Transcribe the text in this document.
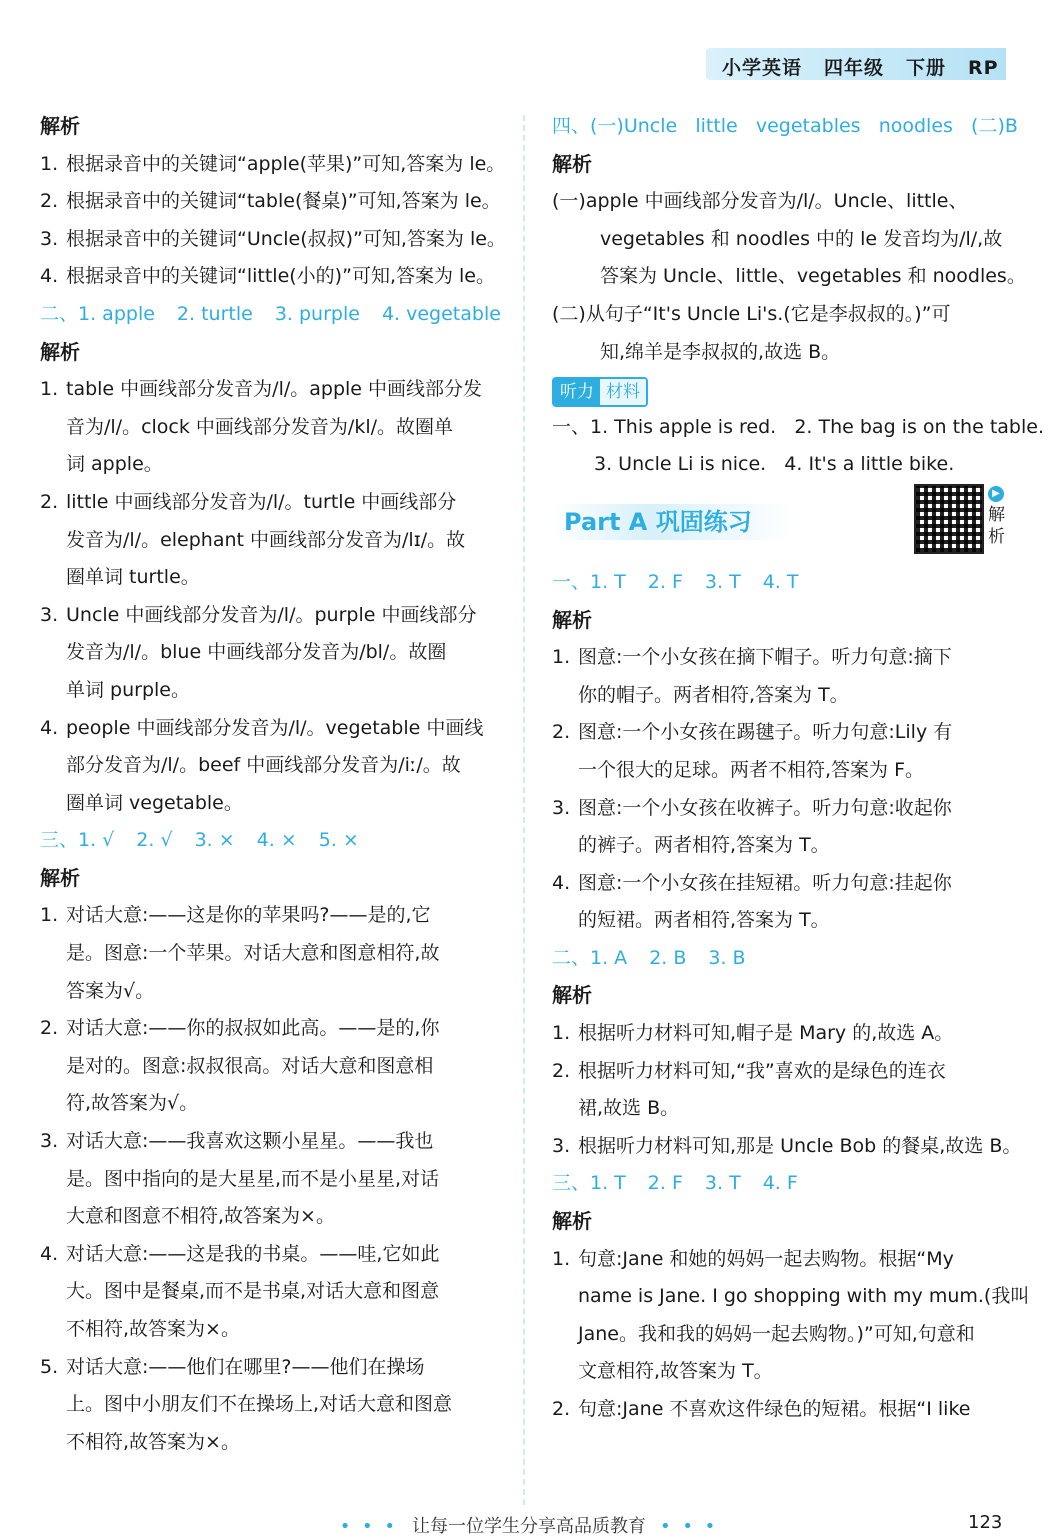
小学英语 四年级 下册 RP
解析
1. 根据录音中的关键词“apple(苹果)”可知,答案为 le。
2. 根据录音中的关键词“table(餐桌)”可知,答案为 le。
3. 根据录音中的关键词“Uncle(叔叔)”可知,答案为 le。
4. 根据录音中的关键词“little(小的)”可知,答案为 le。
二、1. apple 2. turtle 3. purple 4. vegetable
解析
1. table 中画线部分发音为/l/。apple 中画线部分发
音为/l/。clock 中画线部分发音为/kl/。故圈单
词 apple。
2. little 中画线部分发音为/l/。turtle 中画线部分
发音为/l/。elephant 中画线部分发音为/lɪ/。故
圈单词 turtle。
3. Uncle 中画线部分发音为/l/。purple 中画线部分
发音为/l/。blue 中画线部分发音为/bl/。故圈
单词 purple。
4. people 中画线部分发音为/l/。vegetable 中画线
部分发音为/l/。beef 中画线部分发音为/iː/。故
圈单词 vegetable。
三、1. √ 2. √ 3. × 4. × 5. ×
解析
1. 对话大意:——这是你的苹果吗?——是的,它
是。图意:一个苹果。对话大意和图意相符,故
答案为√。
2. 对话大意:——你的叔叔如此高。——是的,你
是对的。图意:叔叔很高。对话大意和图意相
符,故答案为√。
3. 对话大意:——我喜欢这颗小星星。——我也
是。图中指向的是大星星,而不是小星星,对话
大意和图意不相符,故答案为×。
4. 对话大意:——这是我的书桌。——哇,它如此
大。图中是餐桌,而不是书桌,对话大意和图意
不相符,故答案为×。
5. 对话大意:——他们在哪里?——他们在操场
上。图中小朋友们不在操场上,对话大意和图意
不相符,故答案为×。
四、(一)Uncle   little   vegetables   noodles   (二)B
解析
(一)apple 中画线部分发音为/l/。Uncle、little、
vegetables 和 noodles 中的 le 发音均为/l/,故
答案为 Uncle、little、vegetables 和 noodles。
(二)从句子“It's Uncle Li's.(它是李叔叔的。)”可
知,绵羊是李叔叔的,故选 B。
听力 材料
一、1. This apple is red.   2. The bag is on the table.
3. Uncle Li is nice.   4. It's a little bike.
Part A 巩固练习
▶
解析
一、1. T 2. F 3. T 4. T
解析
1. 图意:一个小女孩在摘下帽子。听力句意:摘下
你的帽子。两者相符,答案为 T。
2. 图意:一个小女孩在踢毽子。听力句意:Lily 有
一个很大的足球。两者不相符,答案为 F。
3. 图意:一个小女孩在收裤子。听力句意:收起你
的裤子。两者相符,答案为 T。
4. 图意:一个小女孩在挂短裙。听力句意:挂起你
的短裙。两者相符,答案为 T。
二、1. A 2. B 3. B
解析
1. 根据听力材料可知,帽子是 Mary 的,故选 A。
2. 根据听力材料可知,“我”喜欢的是绿色的连衣
裙,故选 B。
3. 根据听力材料可知,那是 Uncle Bob 的餐桌,故选 B。
三、1. T 2. F 3. T 4. F
解析
1. 句意:Jane 和她的妈妈一起去购物。根据“My
name is Jane. I go shopping with my mum.(我叫
Jane。我和我的妈妈一起去购物。)”可知,句意和
文意相符,故答案为 T。
2. 句意:Jane 不喜欢这件绿色的短裙。根据“I like
• • • 让每一位学生分享高品质教育 • • •	123
